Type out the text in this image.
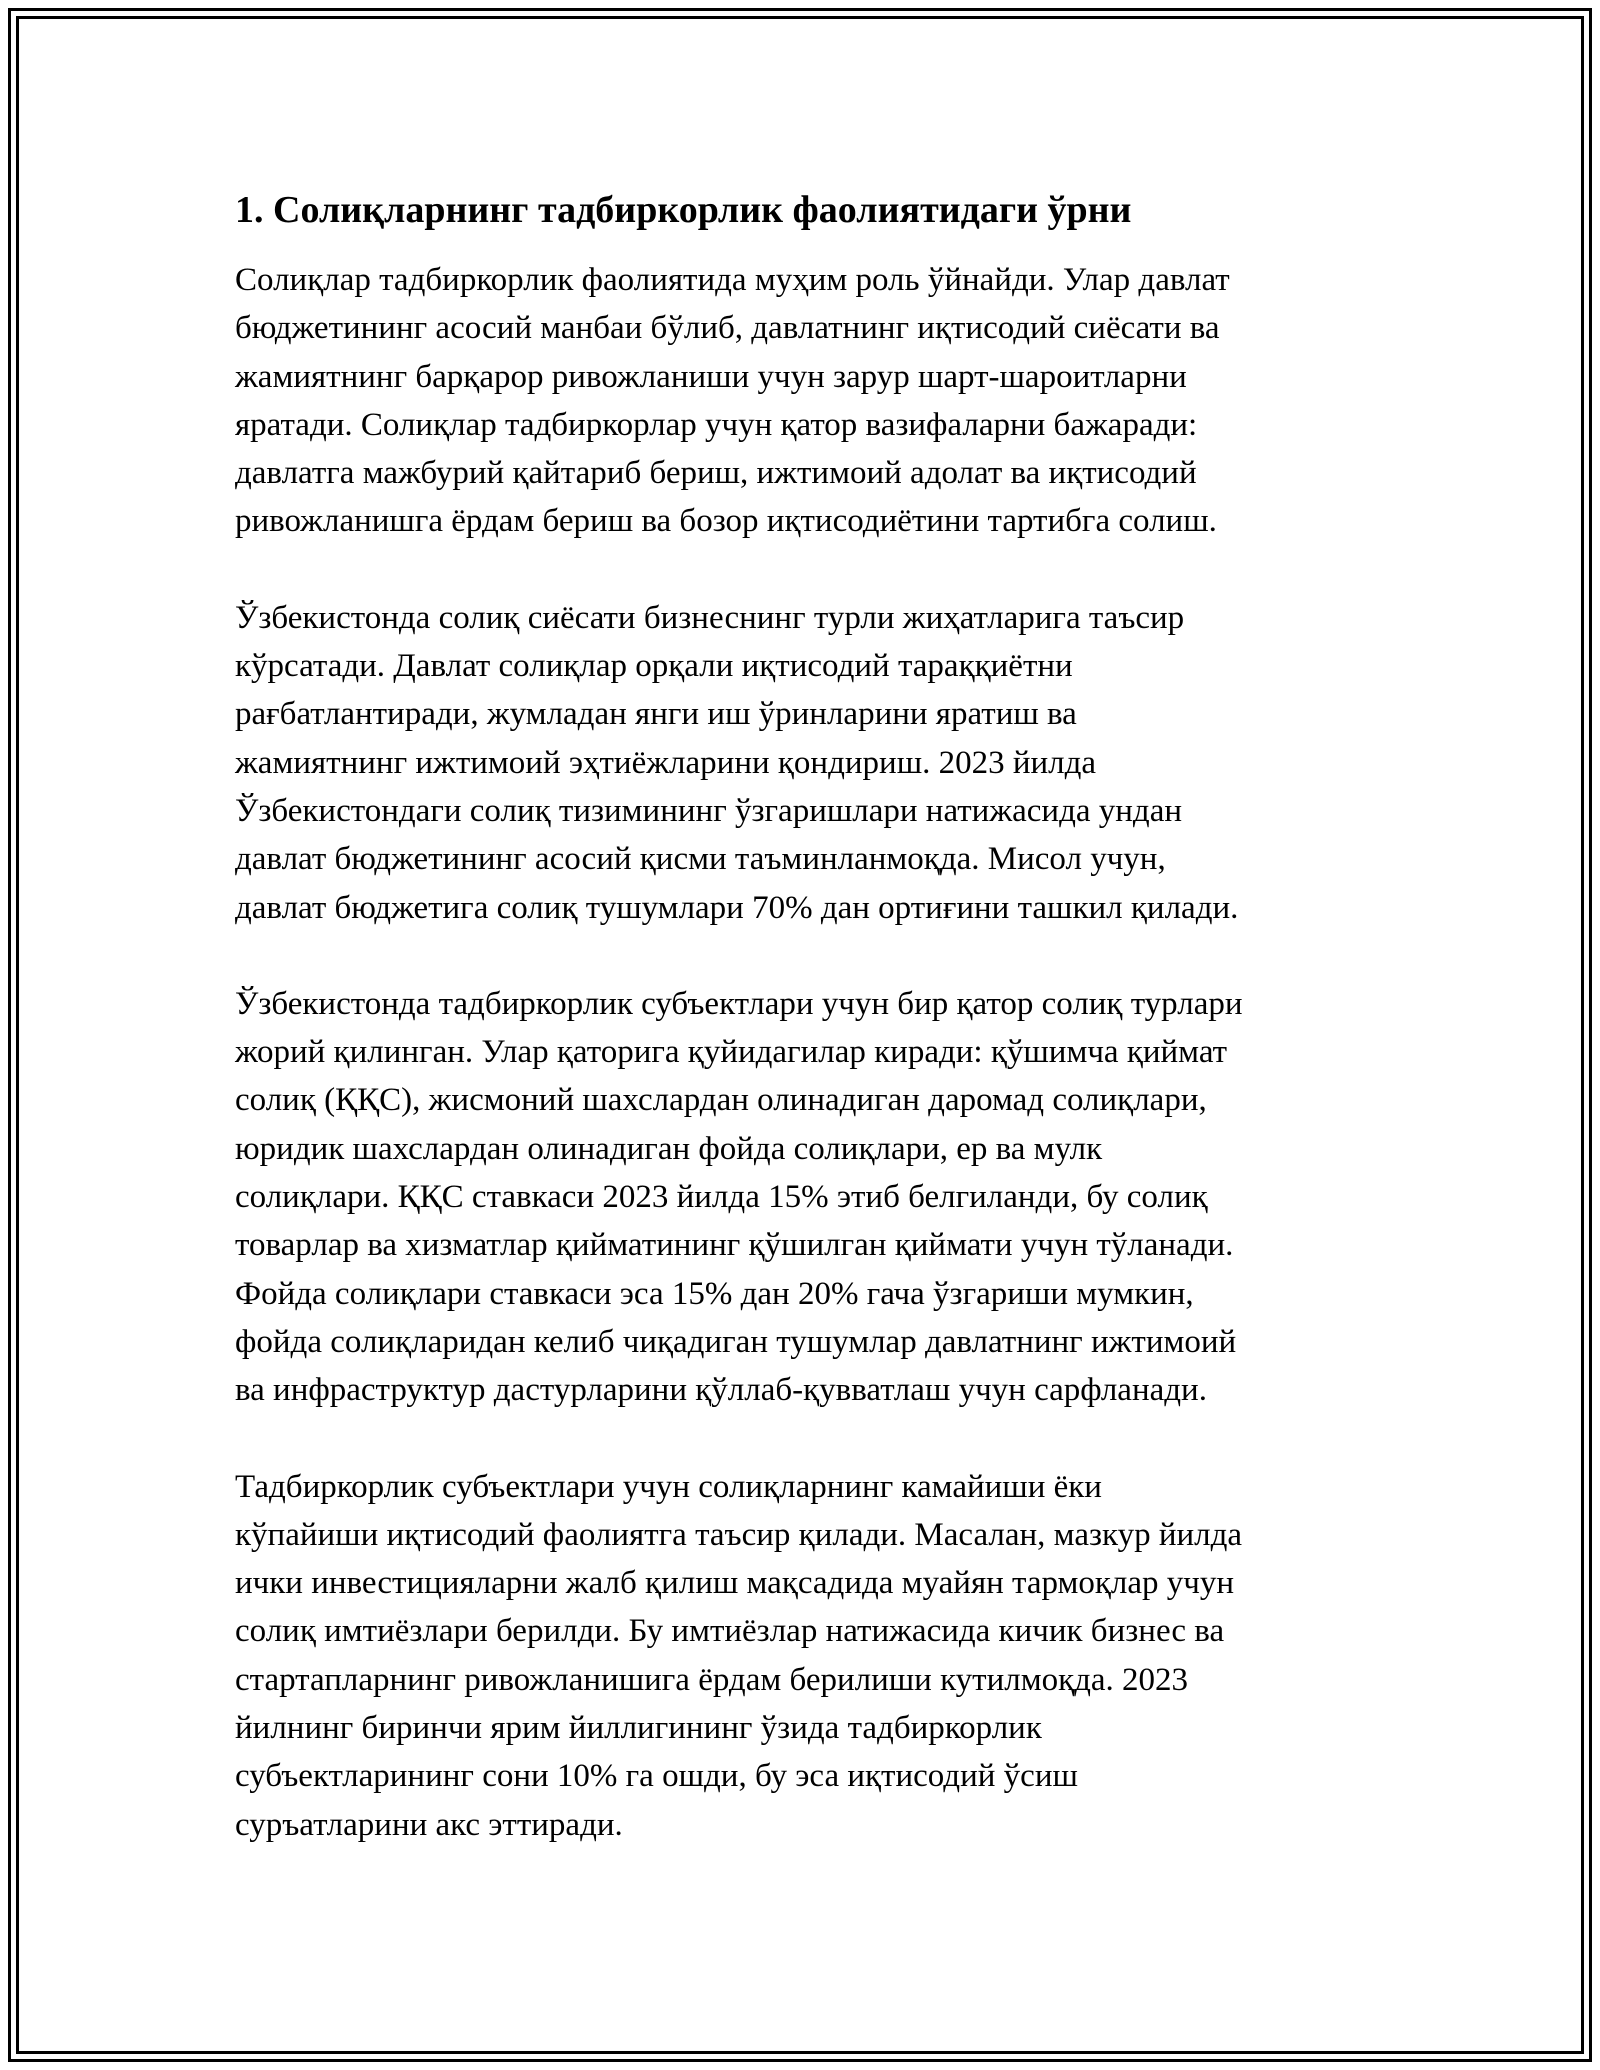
1. Солиқларнинг тадбиркорлик фаолиятидаги ўрни

Солиқлар тадбиркорлик фаолиятида муҳим роль ўйнайди. Улар давлат
бюджетининг асосий манбаи бўлиб, давлатнинг иқтисодий сиёсати ва
жамиятнинг барқарор ривожланиши учун зарур шарт-шароитларни
яратади. Солиқлар тадбиркорлар учун қатор вазифаларни бажаради:
давлатга мажбурий қайтариб бериш, ижтимоий адолат ва иқтисодий
ривожланишга ёрдам бериш ва бозор иқтисодиётини тартибга солиш.

Ўзбекистонда солиқ сиёсати бизнеснинг турли жиҳатларига таъсир
кўрсатади. Давлат солиқлар орқали иқтисодий тараққиётни
рағбатлантиради, жумладан янги иш ўринларини яратиш ва
жамиятнинг ижтимоий эҳтиёжларини қондириш. 2023 йилда
Ўзбекистондаги солиқ тизимининг ўзгаришлари натижасида ундан
давлат бюджетининг асосий қисми таъминланмоқда. Мисол учун,
давлат бюджетига солиқ тушумлари 70% дан ортиғини ташкил қилади.

Ўзбекистонда тадбиркорлик субъектлари учун бир қатор солиқ турлари
жорий қилинган. Улар қаторига қуйидагилар киради: қўшимча қиймат
солиқ (ҚҚС), жисмоний шахслардан олинадиган даромад солиқлари,
юридик шахслардан олинадиган фойда солиқлари, ер ва мулк
солиқлари. ҚҚС ставкаси 2023 йилда 15% этиб белгиланди, бу солиқ
товарлар ва хизматлар қийматининг қўшилган қиймати учун тўланади.
Фойда солиқлари ставкаси эса 15% дан 20% гача ўзгариши мумкин,
фойда солиқларидан келиб чиқадиган тушумлар давлатнинг ижтимоий
ва инфраструктур дастурларини қўллаб-қувватлаш учун сарфланади.

Тадбиркорлик субъектлари учун солиқларнинг камайиши ёки
кўпайиши иқтисодий фаолиятга таъсир қилади. Масалан, мазкур йилда
ички инвестицияларни жалб қилиш мақсадида муайян тармоқлар учун
солиқ имтиёзлари берилди. Бу имтиёзлар натижасида кичик бизнес ва
стартапларнинг ривожланишига ёрдам берилиши кутилмоқда. 2023
йилнинг биринчи ярим йиллигининг ўзида тадбиркорлик
субъектларининг сони 10% га ошди, бу эса иқтисодий ўсиш
суръатларини акс эттиради.
